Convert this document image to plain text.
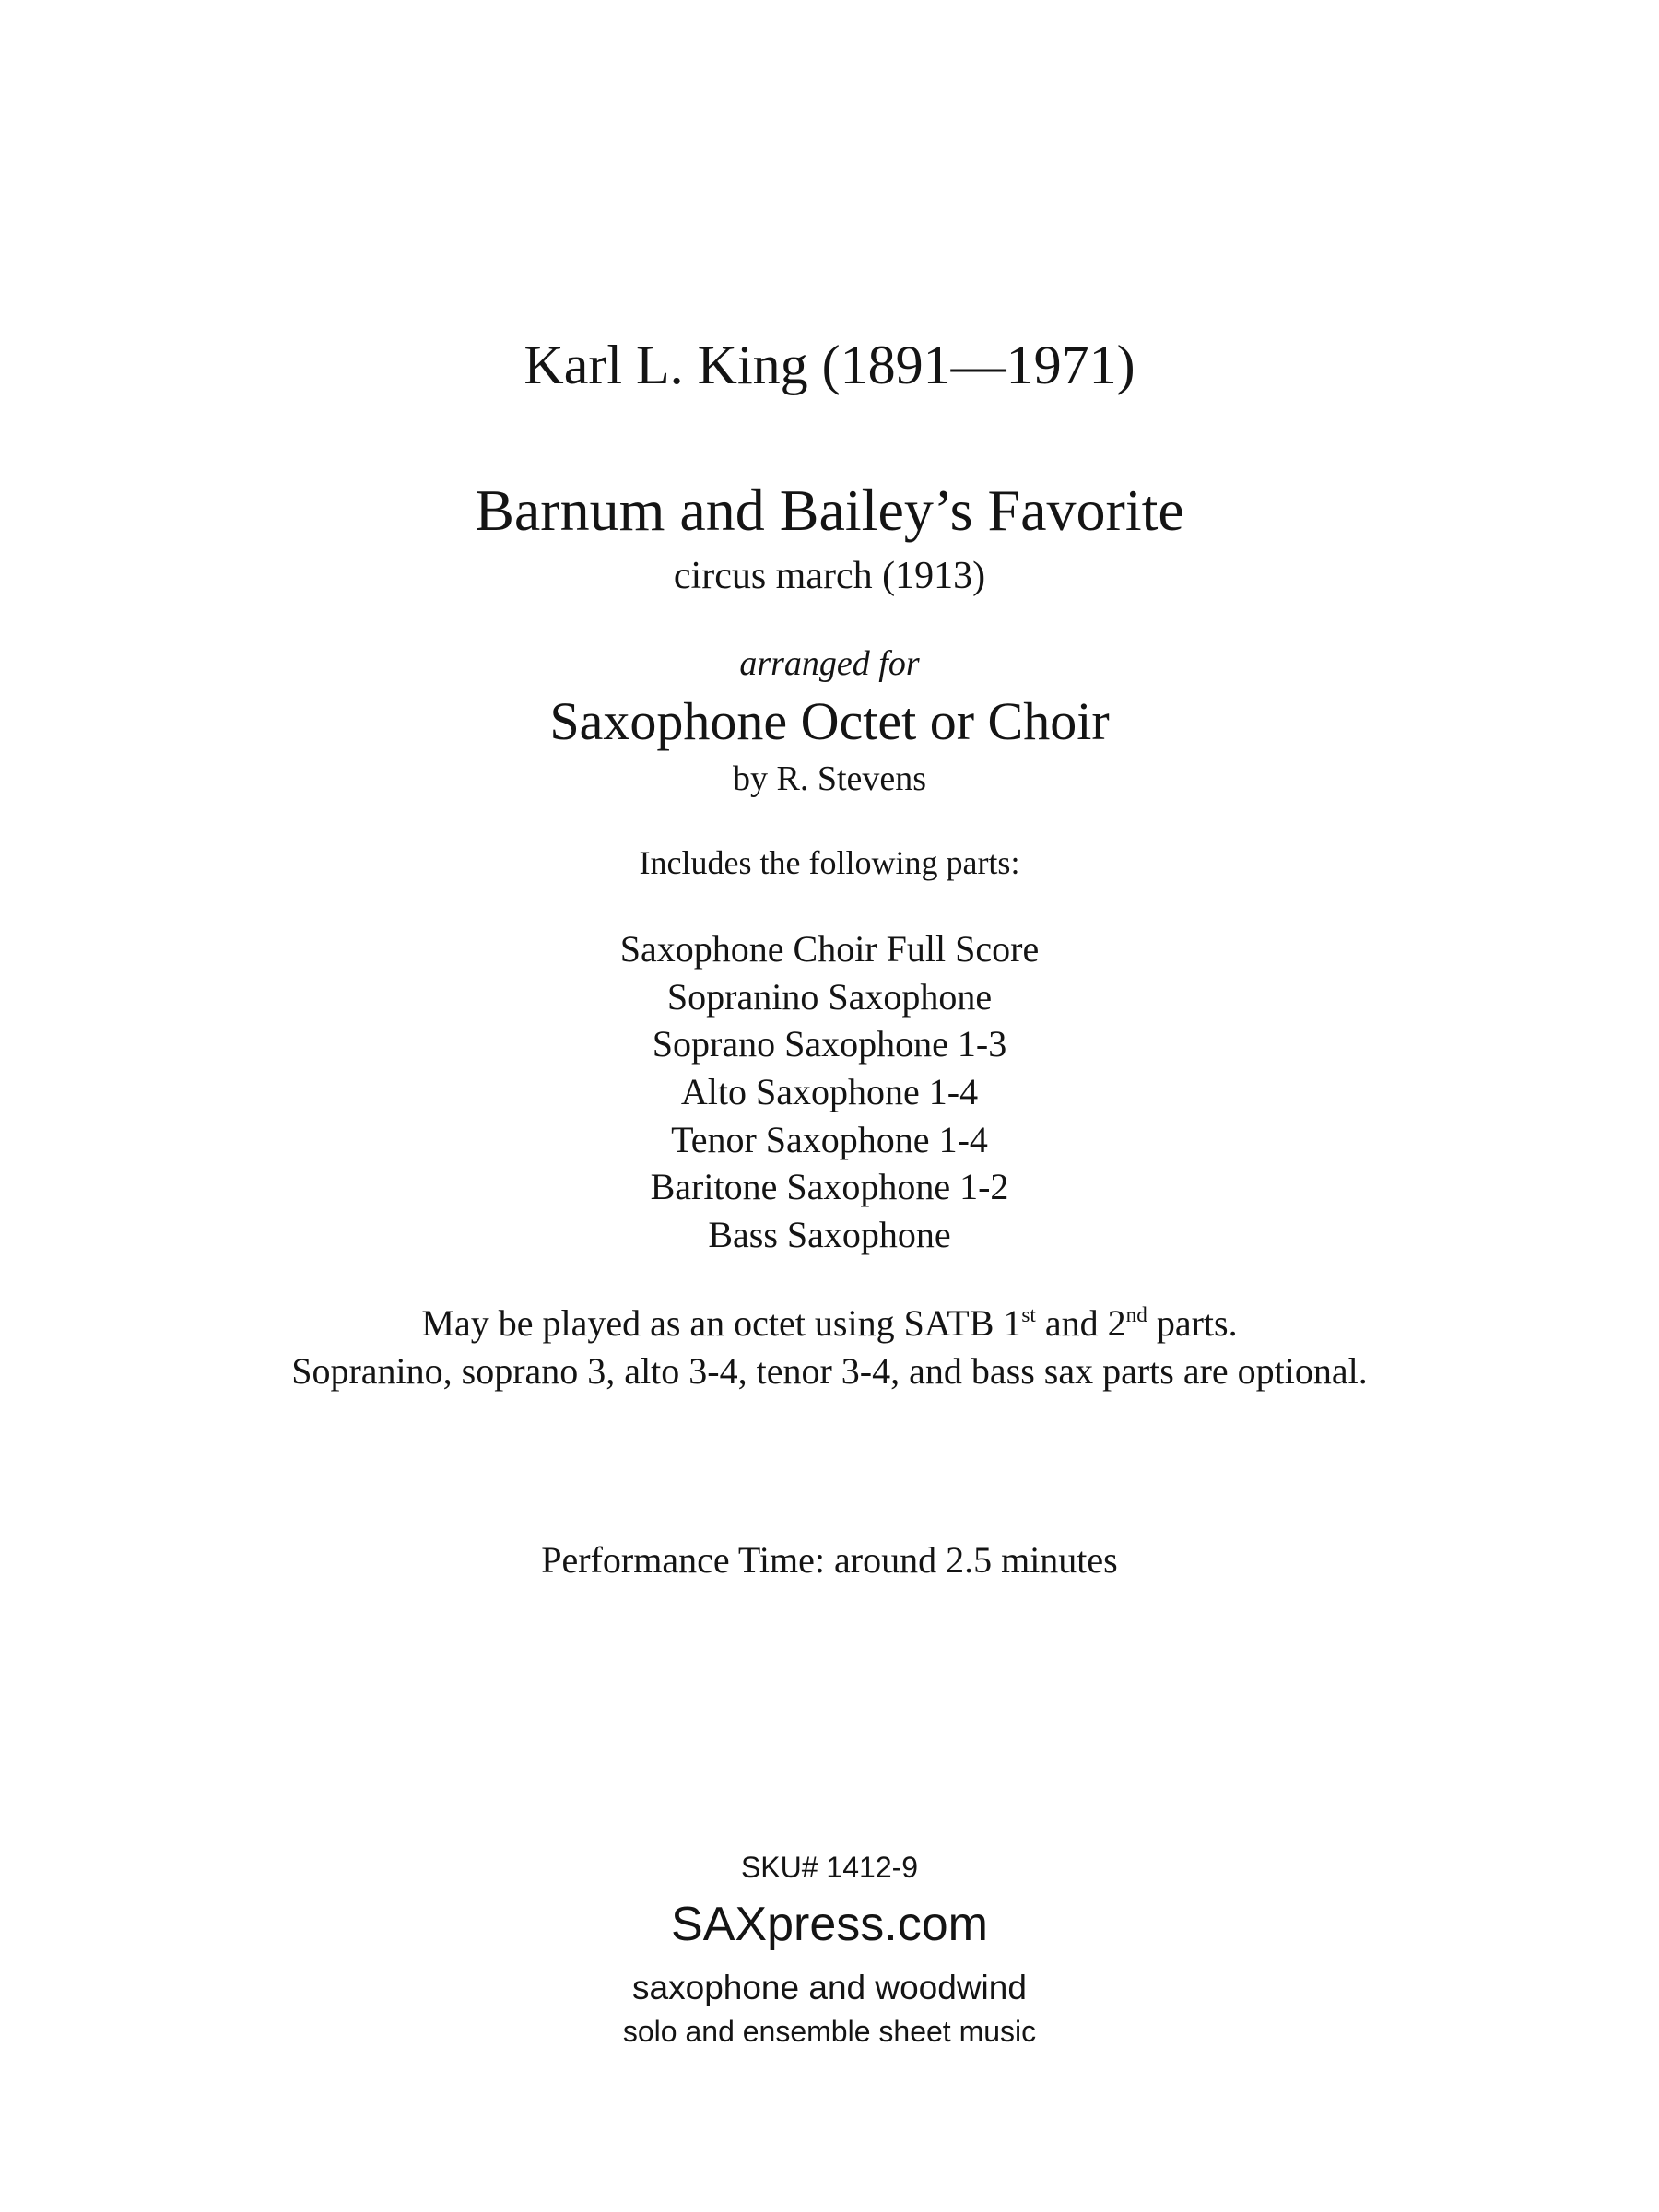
Karl L. King (1891—1971)
Barnum and Bailey’s Favorite
circus march (1913)
arranged for
Saxophone Octet or Choir
by R. Stevens
Includes the following parts:
Saxophone Choir Full Score
Sopranino Saxophone
Soprano Saxophone 1-3
Alto Saxophone 1-4
Tenor Saxophone 1-4
Baritone Saxophone 1-2
Bass Saxophone
May be played as an octet using SATB 1st and 2nd parts.
Sopranino, soprano 3, alto 3-4, tenor 3-4, and bass sax parts are optional.
Performance Time: around 2.5 minutes
SKU# 1412-9
SAXpress.com
saxophone and woodwind
solo and ensemble sheet music
